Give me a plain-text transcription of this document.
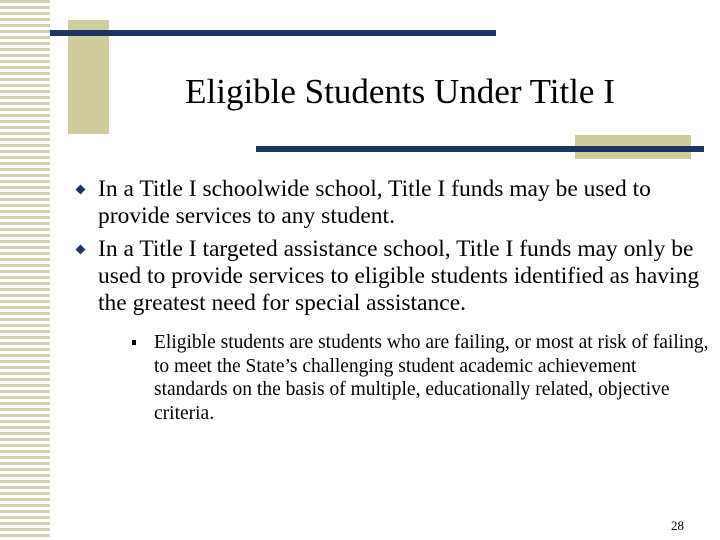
Eligible Students Under Title I
In a Title I schoolwide school, Title I funds may be used to provide services to any student.
In a Title I targeted assistance school, Title I funds may only be used to provide services to eligible students identified as having the greatest need for special assistance.
Eligible students are students who are failing, or most at risk of failing, to meet the State’s challenging student academic achievement standards on the basis of multiple, educationally related, objective criteria.
28
